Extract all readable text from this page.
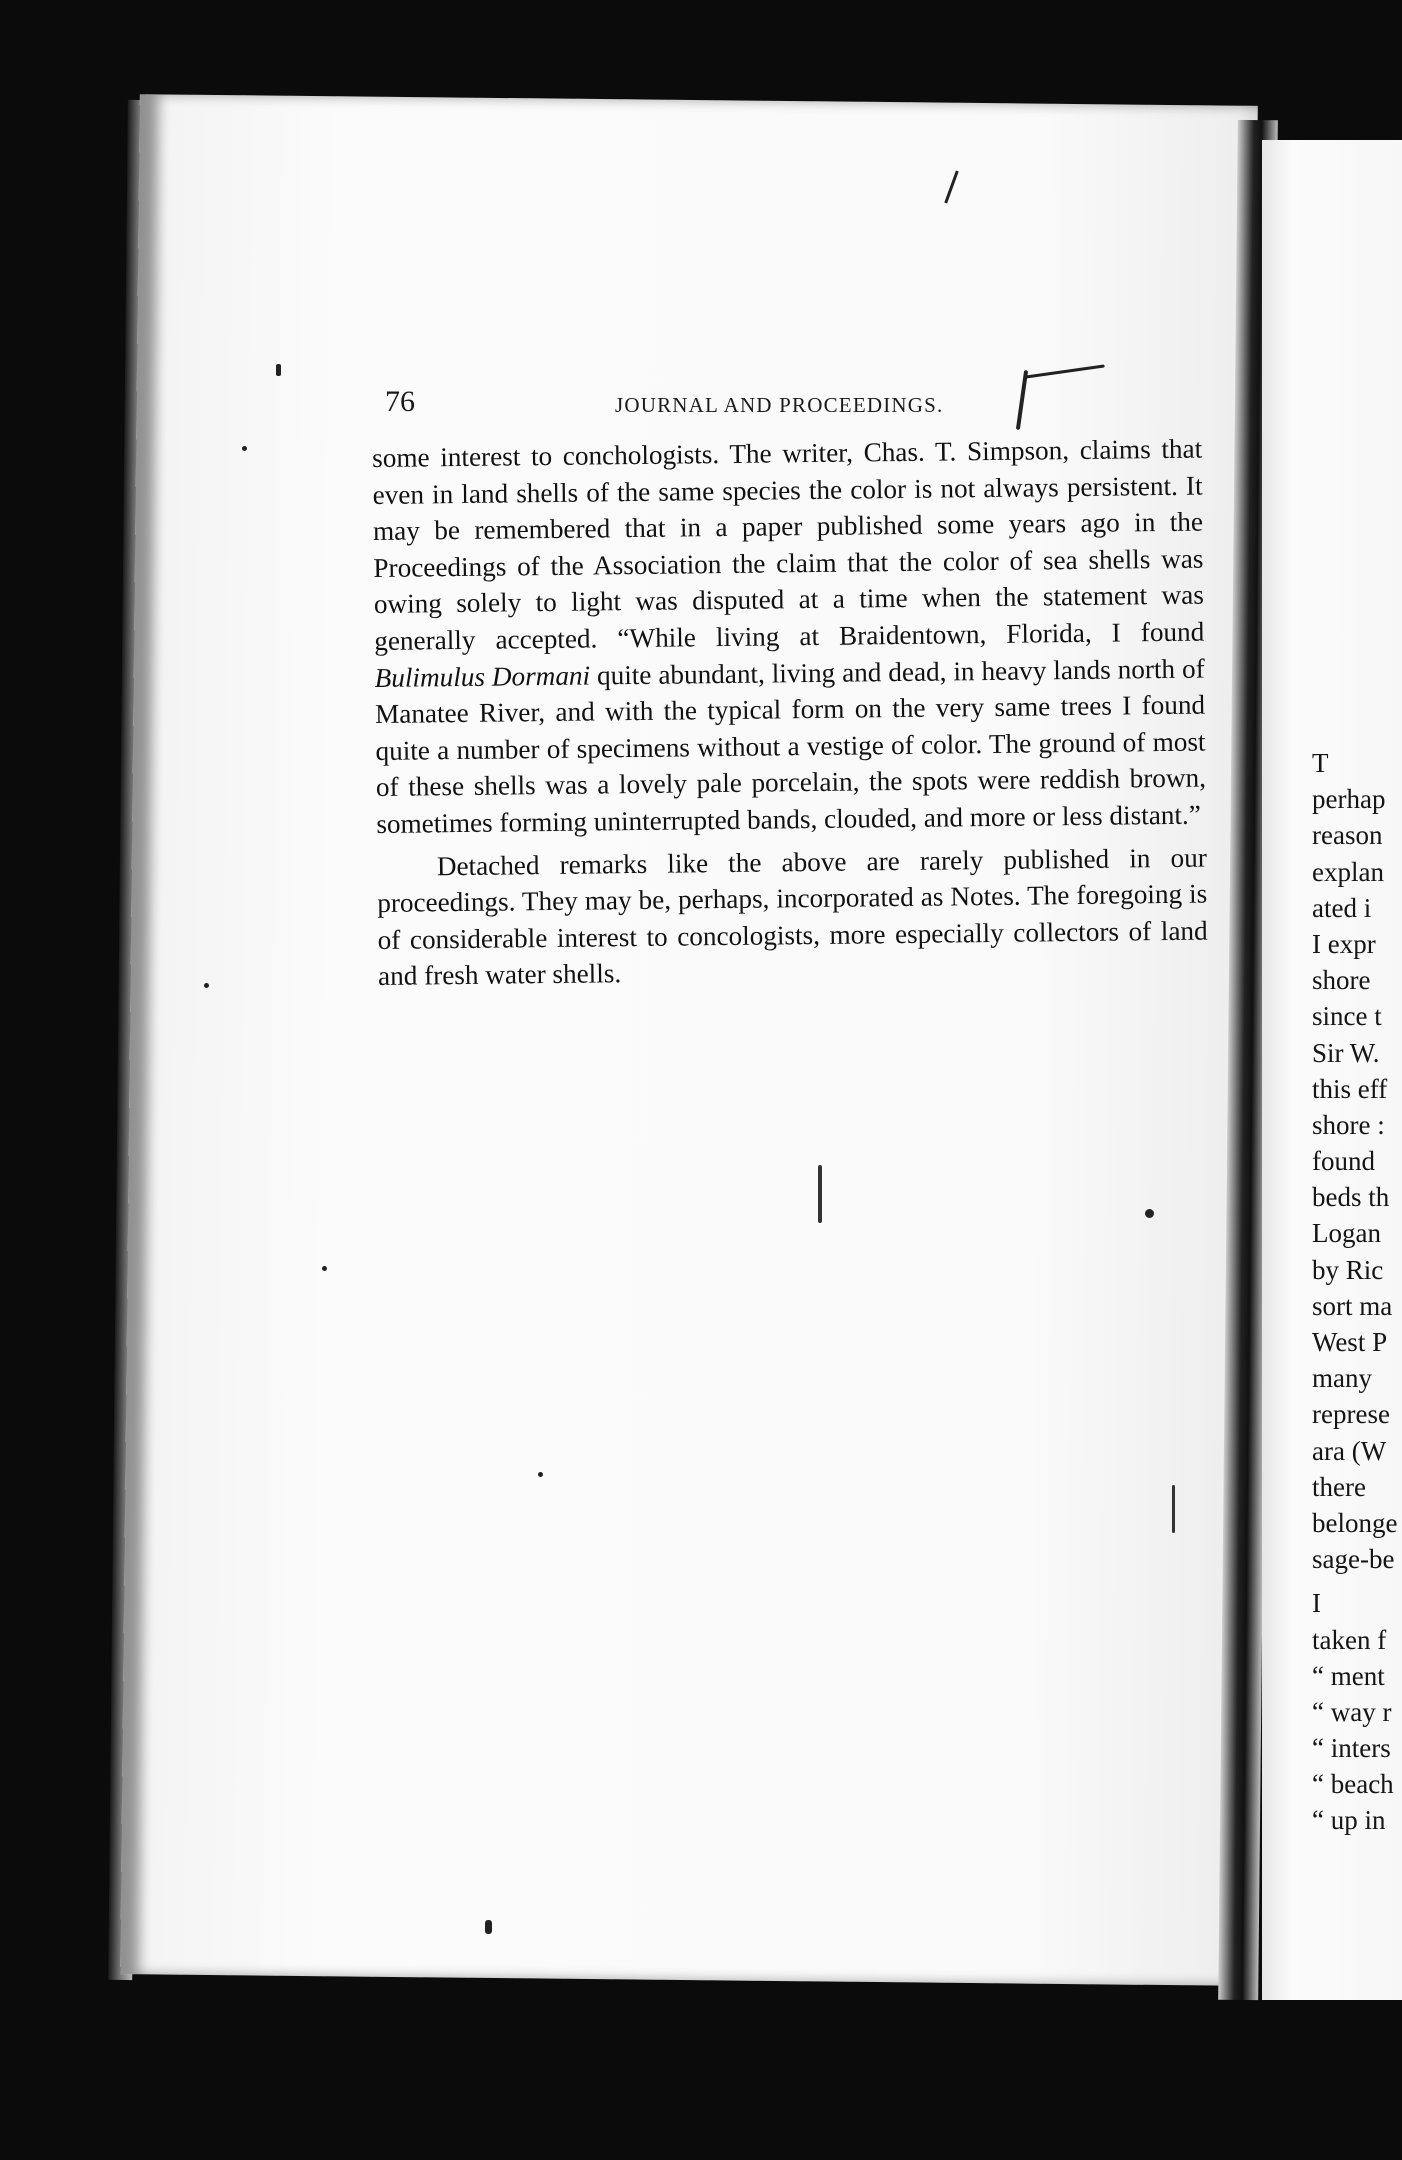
76	JOURNAL AND PROCEEDINGS.

some interest to conchologists. The writer, Chas. T. Simpson, claims that even in land shells of the same species the color is not always persistent. It may be remembered that in a paper published some years ago in the Proceedings of the Association the claim that the color of sea shells was owing solely to light was disputed at a time when the statement was generally accepted. “While living at Braidentown, Florida, I found Bulimulus Dormani quite abundant, living and dead, in heavy lands north of Manatee River, and with the typical form on the very same trees I found quite a number of specimens without a vestige of color. The ground of most of these shells was a lovely pale porcelain, the spots were reddish brown, sometimes forming uninterrupted bands, clouded, and more or less distant.”

Detached remarks like the above are rarely published in our proceedings. They may be, perhaps, incorporated as Notes. The foregoing is of considerable interest to concologists, more especially collectors of land and fresh water shells.

T
perhap
reason
explan
ated i
I expr
shore
since t
Sir W.
this eff
shore :
found
beds th
Logan
by Ric
sort ma
West P
many
represe
ara (W
there
belonge
sage-be
I
taken f
“ ment
“ way r
“ inters
“ beach
“ up in
